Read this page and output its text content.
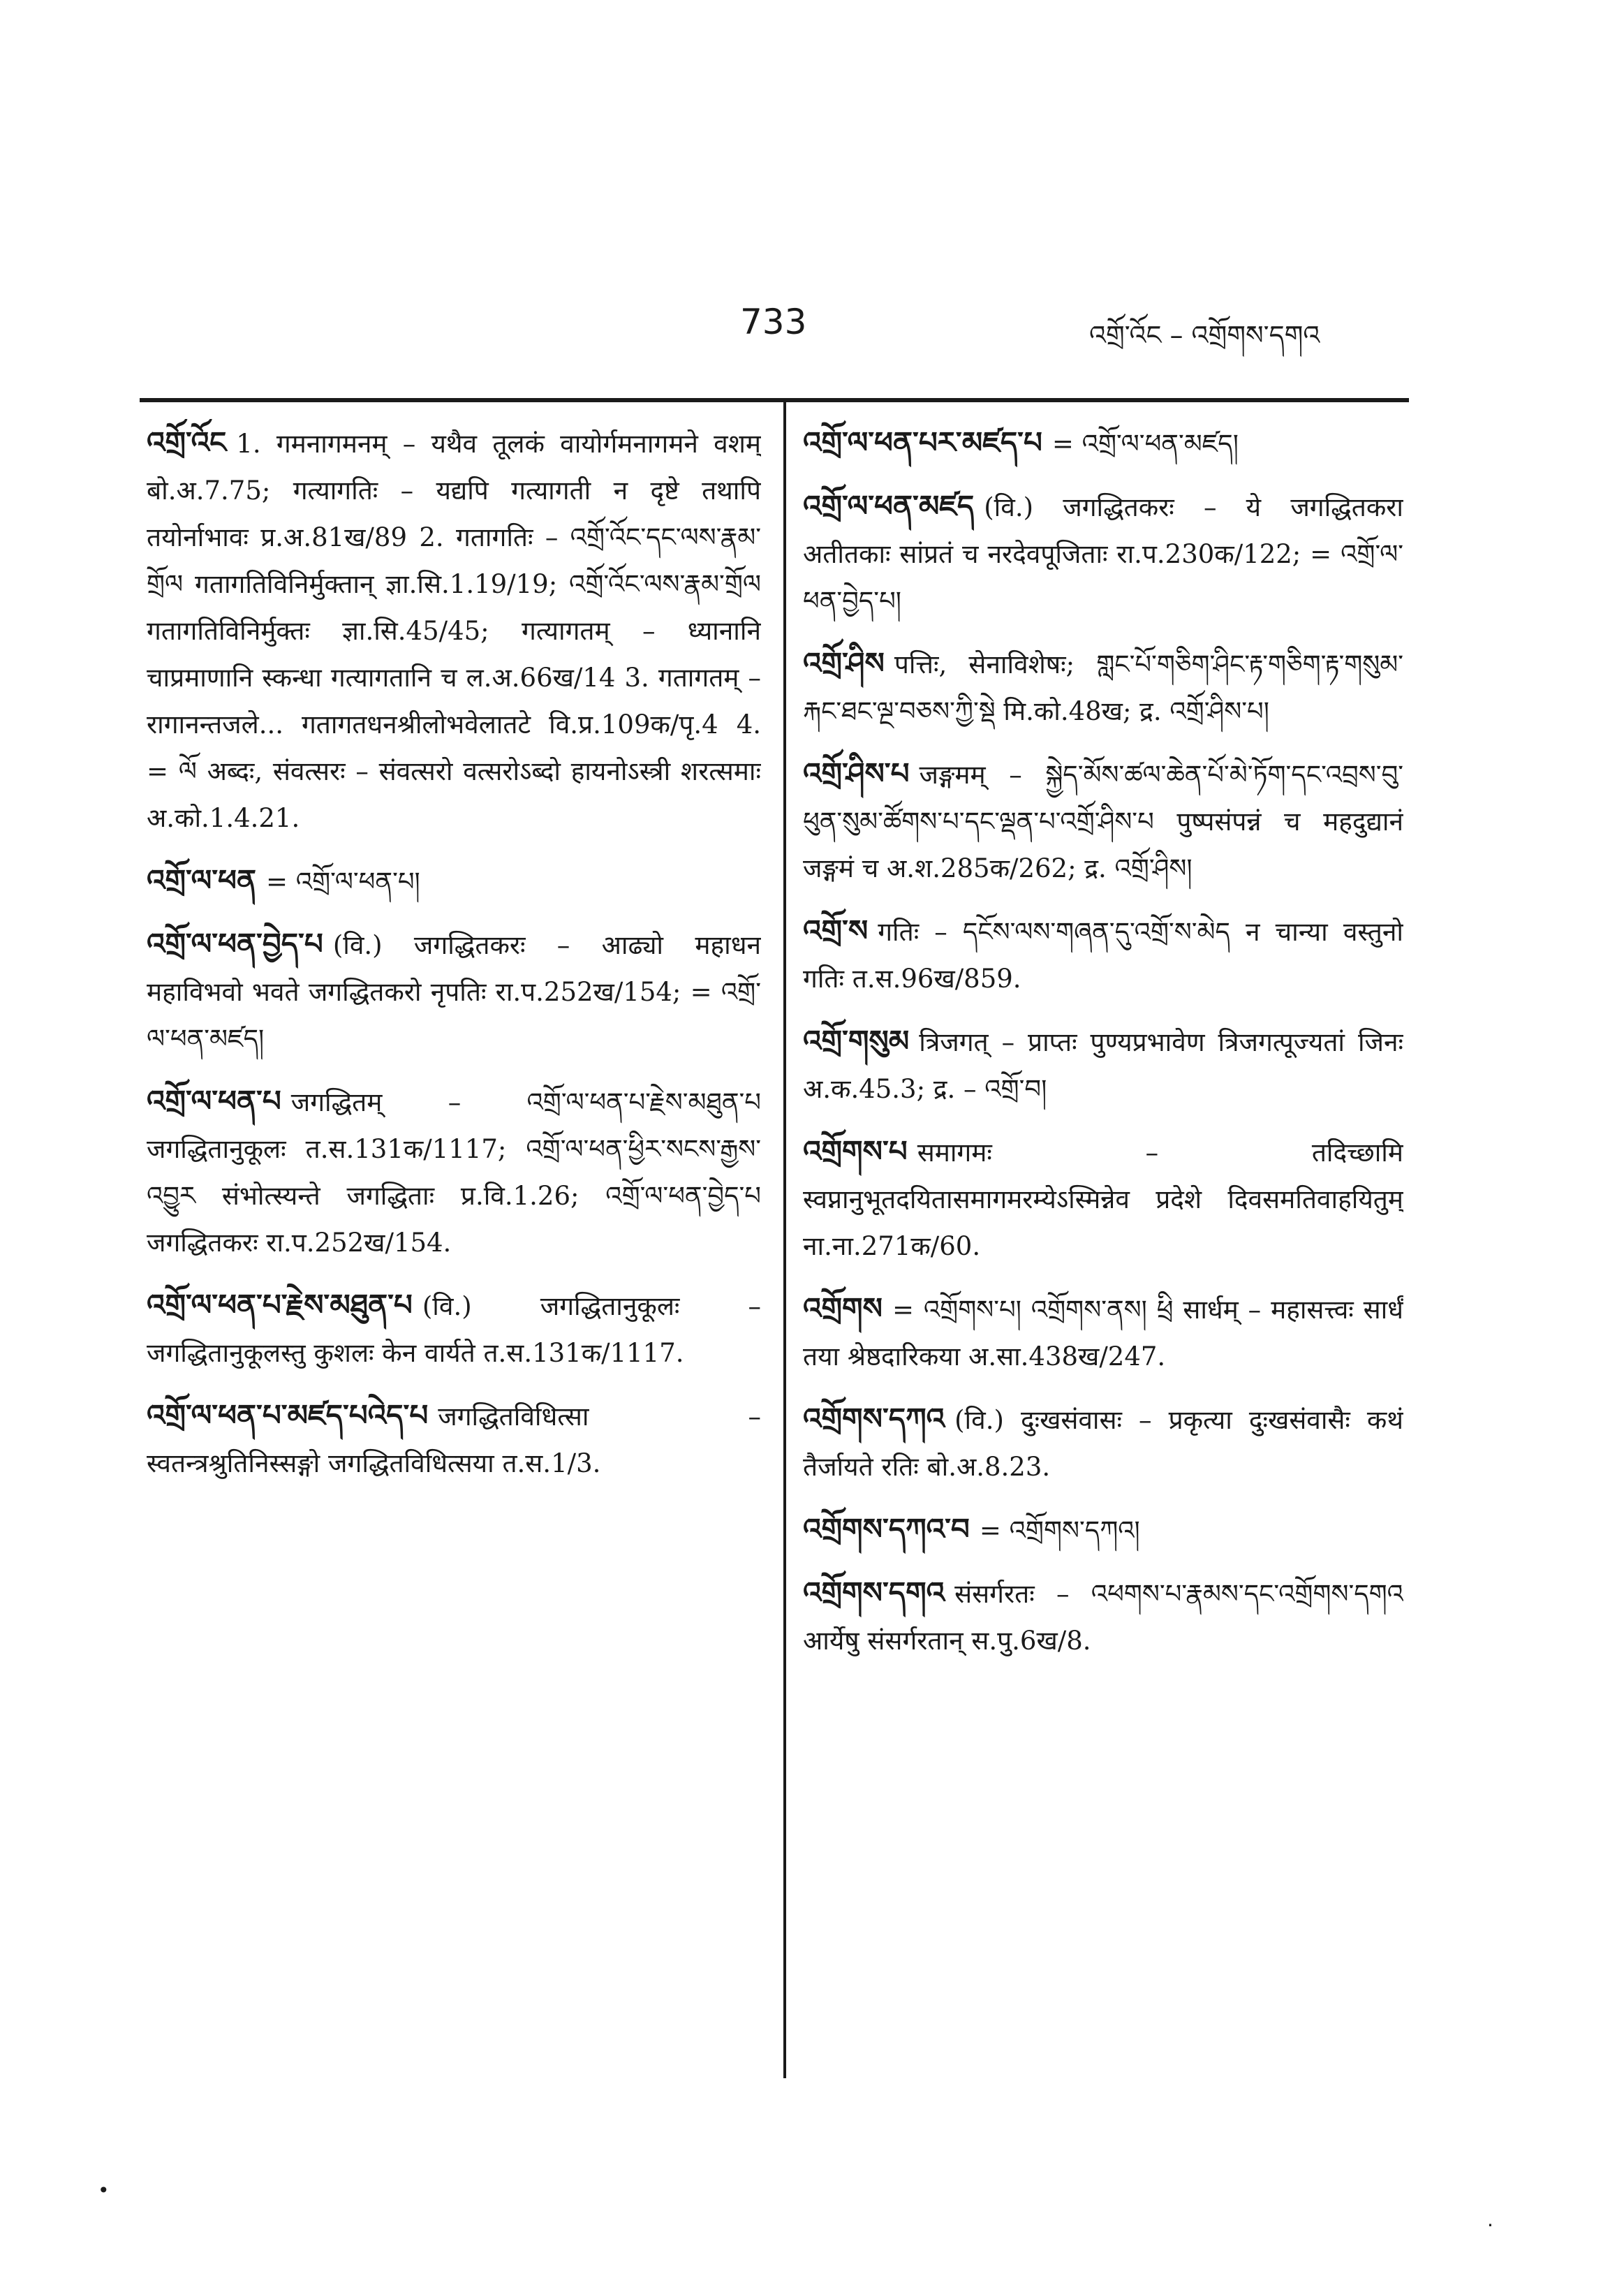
733	འགྲོ་འོང – འགྲོགས་དགའ

འགྲོ་འོང 1. गमनागमनम् – यथैव तूलकं वायोर्गमनागमने वशम् बो.अ.7.75; गत्यागतिः – यद्यपि गत्यागती न दृष्टे तथापि तयोर्नाभावः प्र.अ.81ख/89 2. गतागतिः – འགྲོ་འོང་དང་ལས་རྣམ་གྲོལ गतागतिविनिर्मुक्तान् ज्ञा.सि.1.19/19; འགྲོ་འོང་ལས་རྣམ་གྲོལ गतागतिविनिर्मुक्तः ज्ञा.सि.45/45; गत्यागतम् – ध्यानानि चाप्रमाणानि स्कन्धा गत्यागतानि च ल.अ.66ख/14 3. गतागतम् – रागानन्तजले... गतागतधनश्रीलोभवेलातटे वि.प्र.109क/पृ.4 4. = ལོ अब्दः, संवत्सरः – संवत्सरो वत्सरोऽब्दो हायनोऽस्त्री शरत्समाः अ.को.1.4.21.

འགྲོ་ལ་ཕན = འགྲོ་ལ་ཕན་པ།

འགྲོ་ལ་ཕན་བྱེད་པ (वि.) जगद्धितकरः – आढ्यो महाधन महाविभवो भवते जगद्धितकरो नृपतिः रा.प.252ख/154; = འགྲོ་ལ་ཕན་མཛད།

འགྲོ་ལ་ཕན་པ जगद्धितम् – འགྲོ་ལ་ཕན་པ་རྗེས་མཐུན་པ जगद्धितानुकूलः त.स.131क/1117; འགྲོ་ལ་ཕན་ཕྱིར་སངས་རྒྱས་འབྱུར संभोत्स्यन्ते जगद्धिताः प्र.वि.1.26; འགྲོ་ལ་ཕན་བྱེད་པ जगद्धितकरः रा.प.252ख/154.

འགྲོ་ལ་ཕན་པ་རྗེས་མཐུན་པ (वि.) जगद्धितानुकूलः – जगद्धितानुकूलस्तु कुशलः केन वार्यते त.स.131क/1117.

འགྲོ་ལ་ཕན་པ་མཛད་པའེད་པ जगद्धितविधित्सा – स्वतन्त्रश्रुतिनिस्सङ्गो जगद्धितविधित्सया त.स.1/3.

འགྲོ་ལ་ཕན་པར་མཛད་པ = འགྲོ་ལ་ཕན་མཛད།

འགྲོ་ལ་ཕན་མཛད (वि.) जगद्धितकरः – ये जगद्धितकरा अतीतकाः सांप्रतं च नरदेवपूजिताः रा.प.230क/122; = འགྲོ་ལ་ཕན་བྱེད་པ།

འགྲོ་ཤིས पत्तिः, सेनाविशेषः; གླང་པོ་གཅིག་ཤིང་རྟ་གཅིག་རྟ་གསུམ་རྐང་ཐང་ལྔ་བཅས་ཀྱི་སྡེ मि.को.48ख; द्र. འགྲོ་ཤིས་པ།

འགྲོ་ཤིས་པ जङ्गमम् – སྐྱེད་མོས་ཚལ་ཆེན་པོ་མེ་ཏོག་དང་འབྲས་བུ་ཕུན་སུམ་ཚོགས་པ་དང་ལྡན་པ་འགྲོ་ཤིས་པ पुष्पसंपन्नं च महदुद्यानं जङ्गमं च अ.श.285क/262; द्र. འགྲོ་ཤིས།

འགྲོ་ས गतिः – དངོས་ལས་གཞན་དུ་འགྲོ་ས་མེད न चान्या वस्तुनो गतिः त.स.96ख/859.

འགྲོ་གསུམ त्रिजगत् – प्राप्तः पुण्यप्रभावेण त्रिजगत्पूज्यतां जिनः अ.क.45.3; द्र. – འགྲོ་བ།

འགྲོགས་པ समागमः – तदिच्छामि स्वप्नानुभूतदयितासमागमरम्येऽस्मिन्नेव प्रदेशे दिवसमतिवाहयितुम् ना.ना.271क/60.

འགྲོགས = འགྲོགས་པ། འགྲོགས་ནས། ཕྲི सार्धम् – महासत्त्वः सार्धं तया श्रेष्ठदारिकया अ.सा.438ख/247.

འགྲོགས་དཀའ (वि.) दुःखसंवासः – प्रकृत्या दुःखसंवासैः कथं तैर्जायते रतिः बो.अ.8.23.

འགྲོགས་དཀའ་བ = འགྲོགས་དཀའ།

འགྲོགས་དགའ संसर्गरतः – འཕགས་པ་རྣམས་དང་འགྲོགས་དགའ आर्येषु संसर्गरतान् स.पु.6ख/8.

•
·
